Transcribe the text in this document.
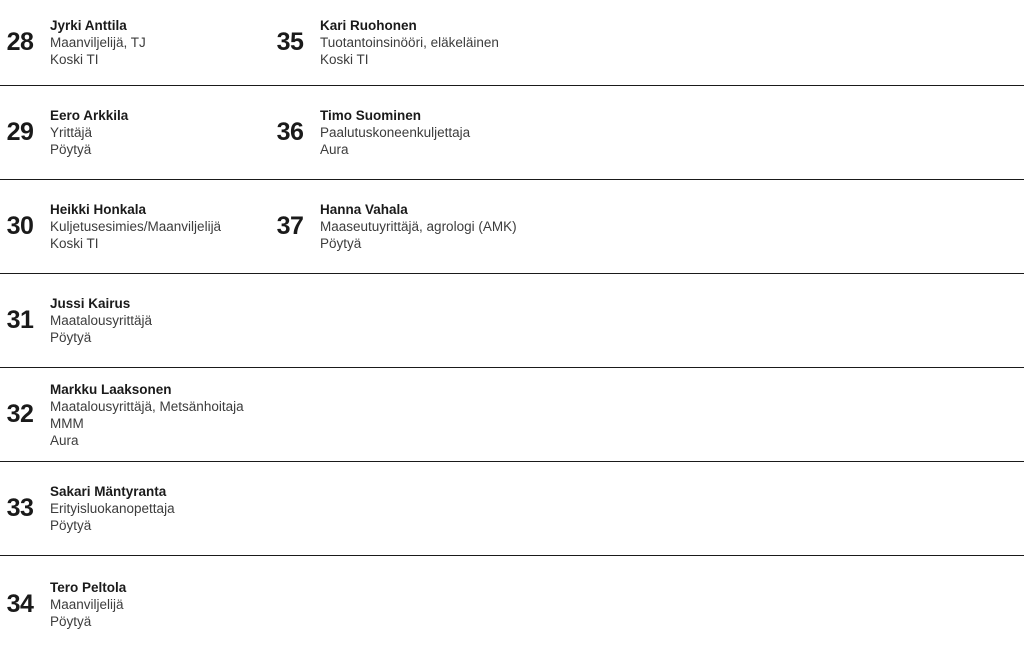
28
Jyrki Anttila
Maanviljelijä, TJ
Koski TI
35
Kari Ruohonen
Tuotantoinsinööri, eläkeläinen
Koski TI
29
Eero Arkkila
Yrittäjä
Pöytyä
36
Timo Suominen
Paalutuskoneenkuljettaja
Aura
30
Heikki Honkala
Kuljetusesimies/Maanviljelijä
Koski TI
37
Hanna Vahala
Maaseutuyrittäjä, agrologi (AMK)
Pöytyä
31
Jussi Kairus
Maatalousyrittäjä
Pöytyä
32
Markku Laaksonen
Maatalousyrittäjä, Metsänhoitaja
MMM
Aura
33
Sakari Mäntyranta
Erityisluokanopettaja
Pöytyä
34
Tero Peltola
Maanviljelijä
Pöytyä
